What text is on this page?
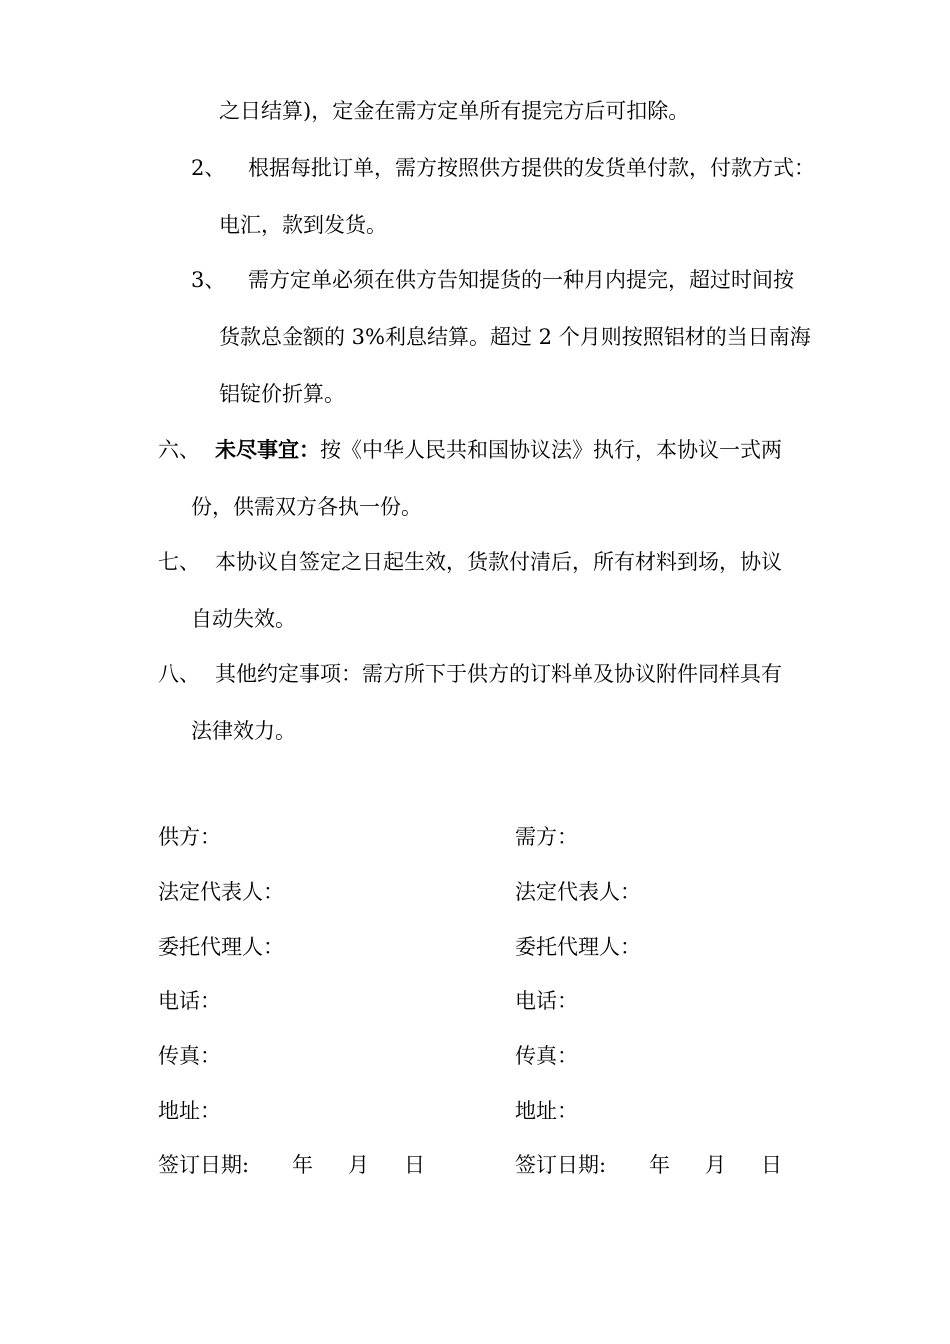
之日结算)，定金在需方定单所有提完方后可扣除。
2、 根据每批订单，需方按照供方提供的发货单付款，付款方式：
电汇，款到发货。
3、 需方定单必须在供方告知提货的一种月内提完，超过时间按
货款总金额的 3%利息结算。超过 2 个月则按照铝材的当日南海
铝锭价折算。
六、 未尽事宜：按《中华人民共和国协议法》执行，本协议一式两
份，供需双方各执一份。
七、 本协议自签定之日起生效，货款付清后，所有材料到场，协议
自动失效。
八、 其他约定事项：需方所下于供方的订料单及协议附件同样具有
法律效力。
供方：
法定代表人：
委托代理人：
电话：
传真：
地址：
签订日期: 年 月 日
需方：
法定代表人：
委托代理人：
电话：
传真：
地址：
签订日期: 年 月 日
